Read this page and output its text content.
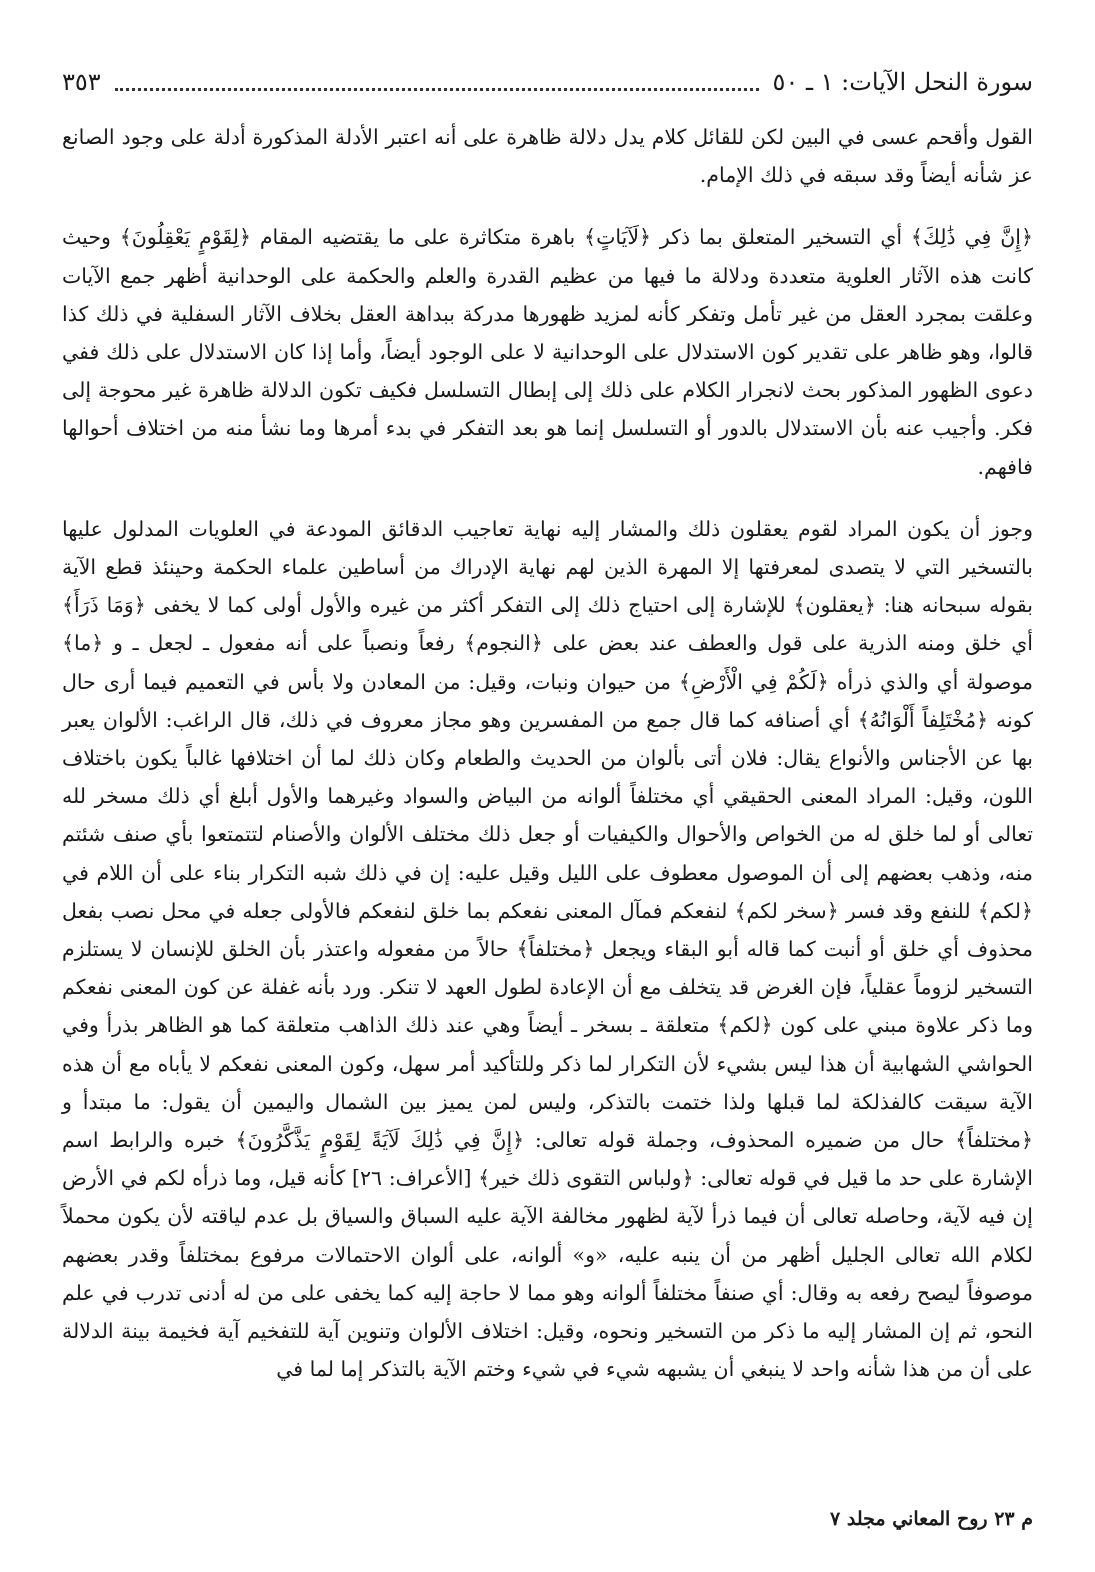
سورة النحل الآيات: ١ ـ ٥٠
٣٥٣

القول وأقحم عسى في البين لكن للقائل كلام يدل دلالة ظاهرة على أنه اعتبر الأدلة المذكورة أدلة على وجود الصانع عز شأنه أيضاً وقد سبقه في ذلك الإمام.

﴿إِنَّ فِي ذَٰلِكَ﴾ أي التسخير المتعلق بما ذكر ﴿لَآيَاتٍ﴾ باهرة متكاثرة على ما يقتضيه المقام ﴿لِقَوْمٍ يَعْقِلُونَ﴾ وحيث كانت هذه الآثار العلوية متعددة ودلالة ما فيها من عظيم القدرة والعلم والحكمة على الوحدانية أظهر جمع الآيات وعلقت بمجرد العقل من غير تأمل وتفكر كأنه لمزيد ظهورها مدركة ببداهة العقل بخلاف الآثار السفلية في ذلك كذا قالوا، وهو ظاهر على تقدير كون الاستدلال على الوحدانية لا على الوجود أيضاً، وأما إذا كان الاستدلال على ذلك ففي دعوى الظهور المذكور بحث لانجرار الكلام على ذلك إلى إبطال التسلسل فكيف تكون الدلالة ظاهرة غير محوجة إلى فكر. وأجيب عنه بأن الاستدلال بالدور أو التسلسل إنما هو بعد التفكر في بدء أمرها وما نشأ منه من اختلاف أحوالها فافهم.

وجوز أن يكون المراد لقوم يعقلون ذلك والمشار إليه نهاية تعاجيب الدقائق المودعة في العلويات المدلول عليها بالتسخير التي لا يتصدى لمعرفتها إلا المهرة الذين لهم نهاية الإدراك من أساطين علماء الحكمة وحينئذ قطع الآية بقوله سبحانه هنا: ﴿يعقلون﴾ للإشارة إلى احتياج ذلك إلى التفكر أكثر من غيره والأول أولى كما لا يخفى ﴿وَمَا ذَرَأَ﴾ أي خلق ومنه الذرية على قول والعطف عند بعض على ﴿النجوم﴾ رفعاً ونصباً على أنه مفعول ـ لجعل ـ و ﴿ما﴾ موصولة أي والذي ذرأه ﴿لَكُمْ فِي الْأَرْضِ﴾ من حيوان ونبات، وقيل: من المعادن ولا بأس في التعميم فيما أرى حال كونه ﴿مُخْتَلِفاً أَلْوَانُهُ﴾ أي أصنافه كما قال جمع من المفسرين وهو مجاز معروف في ذلك، قال الراغب: الألوان يعبر بها عن الأجناس والأنواع يقال: فلان أتى بألوان من الحديث والطعام وكان ذلك لما أن اختلافها غالباً يكون باختلاف اللون، وقيل: المراد المعنى الحقيقي أي مختلفاً ألوانه من البياض والسواد وغيرهما والأول أبلغ أي ذلك مسخر لله تعالى أو لما خلق له من الخواص والأحوال والكيفيات أو جعل ذلك مختلف الألوان والأصنام لتتمتعوا بأي صنف شئتم منه، وذهب بعضهم إلى أن الموصول معطوف على الليل وقيل عليه: إن في ذلك شبه التكرار بناء على أن اللام في ﴿لكم﴾ للنفع وقد فسر ﴿سخر لكم﴾ لنفعكم فمآل المعنى نفعكم بما خلق لنفعكم فالأولى جعله في محل نصب بفعل محذوف أي خلق أو أنبت كما قاله أبو البقاء ويجعل ﴿مختلفاً﴾ حالاً من مفعوله واعتذر بأن الخلق للإنسان لا يستلزم التسخير لزوماً عقلياً، فإن الغرض قد يتخلف مع أن الإعادة لطول العهد لا تنكر. ورد بأنه غفلة عن كون المعنى نفعكم وما ذكر علاوة مبني على كون ﴿لكم﴾ متعلقة ـ بسخر ـ أيضاً وهي عند ذلك الذاهب متعلقة كما هو الظاهر بذرأ وفي الحواشي الشهابية أن هذا ليس بشيء لأن التكرار لما ذكر وللتأكيد أمر سهل، وكون المعنى نفعكم لا يأباه مع أن هذه الآية سيقت كالفذلكة لما قبلها ولذا ختمت بالتذكر، وليس لمن يميز بين الشمال واليمين أن يقول: ما مبتدأ و ﴿مختلفاً﴾ حال من ضميره المحذوف، وجملة قوله تعالى: ﴿إِنَّ فِي ذَٰلِكَ لَآيَةً لِقَوْمٍ يَذَّكَّرُونَ﴾ خبره والرابط اسم الإشارة على حد ما قيل في قوله تعالى: ﴿ولباس التقوى ذلك خير﴾ [الأعراف: ٢٦] كأنه قيل، وما ذرأه لكم في الأرض إن فيه لآية، وحاصله تعالى أن فيما ذرأ لآية لظهور مخالفة الآية عليه السباق والسياق بل عدم لياقته لأن يكون محملاً لكلام الله تعالى الجليل أظهر من أن ينبه عليه، «و» ألوانه، على ألوان الاحتمالات مرفوع بمختلفاً وقدر بعضهم موصوفاً ليصح رفعه به وقال: أي صنفاً مختلفاً ألوانه وهو مما لا حاجة إليه كما يخفى على من له أدنى تدرب في علم النحو، ثم إن المشار إليه ما ذكر من التسخير ونحوه، وقيل: اختلاف الألوان وتنوين آية للتفخيم آية فخيمة بينة الدلالة على أن من هذا شأنه واحد لا ينبغي أن يشبهه شيء في شيء وختم الآية بالتذكر إما لما في

م ٢٣ روح المعاني مجلد ٧
